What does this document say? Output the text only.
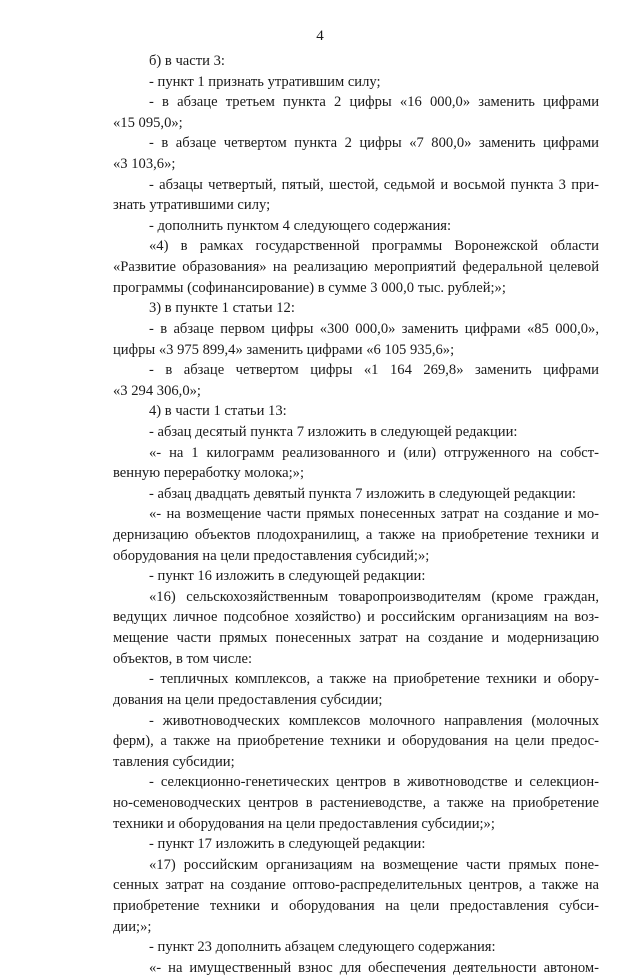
4
б) в части 3:
- пункт 1 признать утратившим силу;
- в абзаце третьем пункта 2 цифры «16 000,0» заменить цифрами
«15 095,0»;
- в абзаце четвертом пункта 2 цифры «7 800,0» заменить цифрами
«3 103,6»;
- абзацы четвертый, пятый, шестой, седьмой и восьмой пункта 3 при-
знать утратившими силу;
- дополнить пунктом 4 следующего содержания:
«4) в рамках государственной программы Воронежской области
«Развитие образования» на реализацию мероприятий федеральной целевой
программы (софинансирование) в сумме 3 000,0 тыс. рублей;»;
3) в пункте 1 статьи 12:
- в абзаце первом цифры «300 000,0» заменить цифрами «85 000,0»,
цифры «3 975 899,4» заменить цифрами «6 105 935,6»;
- в абзаце четвертом цифры «1 164 269,8» заменить цифрами
«3 294 306,0»;
4) в части 1 статьи 13:
- абзац десятый пункта 7 изложить в следующей редакции:
«- на 1 килограмм реализованного и (или) отгруженного на собст-
венную переработку молока;»;
- абзац двадцать девятый пункта 7 изложить в следующей редакции:
«- на возмещение части прямых понесенных затрат на создание и мо-
дернизацию объектов плодохранилищ, а также на приобретение техники и
оборудования на цели предоставления субсидий;»;
- пункт 16 изложить в следующей редакции:
«16) сельскохозяйственным товаропроизводителям (кроме граждан,
ведущих личное подсобное хозяйство) и российским организациям на воз-
мещение части прямых понесенных затрат на создание и модернизацию
объектов, в том числе:
- тепличных комплексов, а также на приобретение техники и обору-
дования на цели предоставления субсидии;
- животноводческих комплексов молочного направления (молочных
ферм), а также на приобретение техники и оборудования на цели предос-
тавления субсидии;
- селекционно-генетических центров в животноводстве и селекцион-
но-семеноводческих центров в растениеводстве, а также на приобретение
техники и оборудования на цели предоставления субсидии;»;
- пункт 17 изложить в следующей редакции:
«17) российским организациям на возмещение части прямых поне-
сенных затрат на создание оптово-распределительных центров, а также на
приобретение техники и оборудования на цели предоставления субси-
дии;»;
- пункт 23 дополнить абзацем следующего содержания:
«- на имущественный взнос для обеспечения деятельности автоном-
